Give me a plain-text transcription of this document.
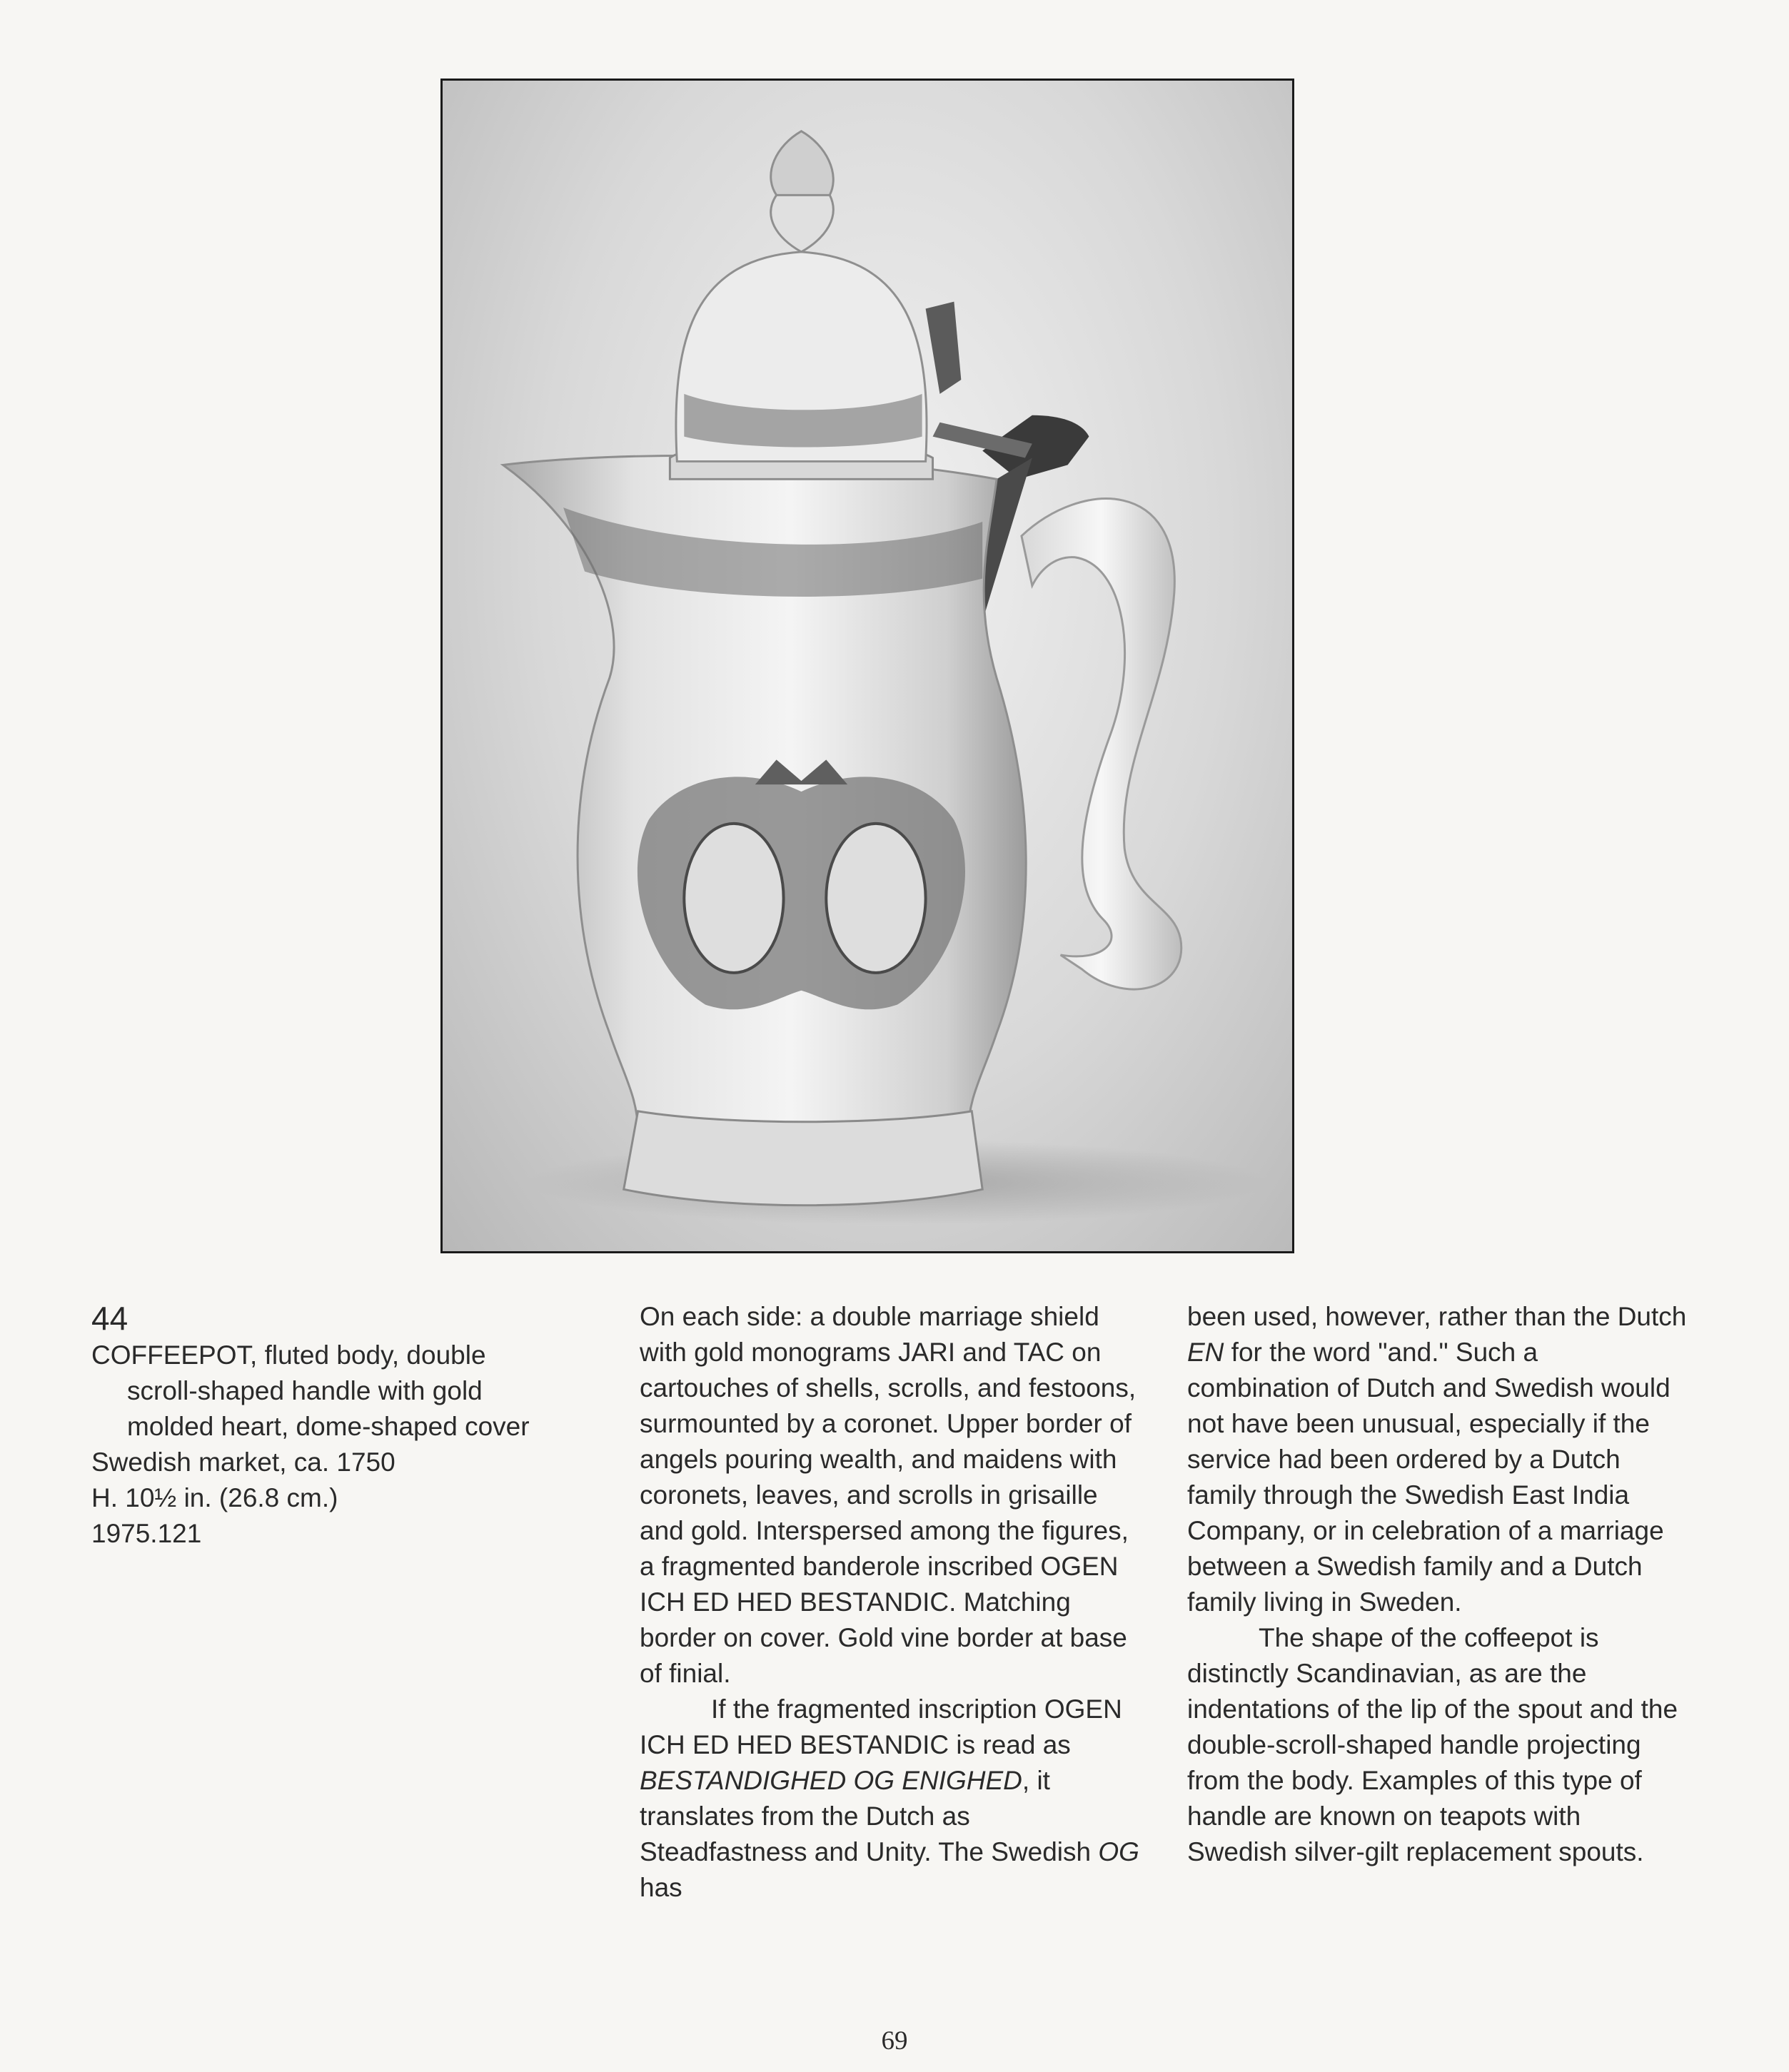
44

COFFEEPOT, fluted body, double scroll-shaped handle with gold molded heart, dome-shaped cover

Swedish market, ca. 1750

H. 10½ in. (26.8 cm.)

1975.121

On each side: a double marriage shield with gold monograms JARI and TAC on cartouches of shells, scrolls, and festoons, surmounted by a coronet. Upper border of angels pouring wealth, and maidens with coronets, leaves, and scrolls in grisaille and gold. Interspersed among the figures, a fragmented banderole inscribed OGEN ICH ED HED BESTANDIC. Matching border on cover. Gold vine border at base of finial.

If the fragmented inscription OGEN ICH ED HED BESTANDIC is read as BESTANDIGHED OG ENIGHED, it translates from the Dutch as Steadfastness and Unity. The Swedish OG has

been used, however, rather than the Dutch EN for the word "and." Such a combination of Dutch and Swedish would not have been unusual, especially if the service had been ordered by a Dutch family through the Swedish East India Company, or in celebration of a marriage between a Swedish family and a Dutch family living in Sweden.

The shape of the coffeepot is distinctly Scandinavian, as are the indentations of the lip of the spout and the double-scroll-shaped handle projecting from the body. Examples of this type of handle are known on teapots with Swedish silver-gilt replacement spouts.

69
